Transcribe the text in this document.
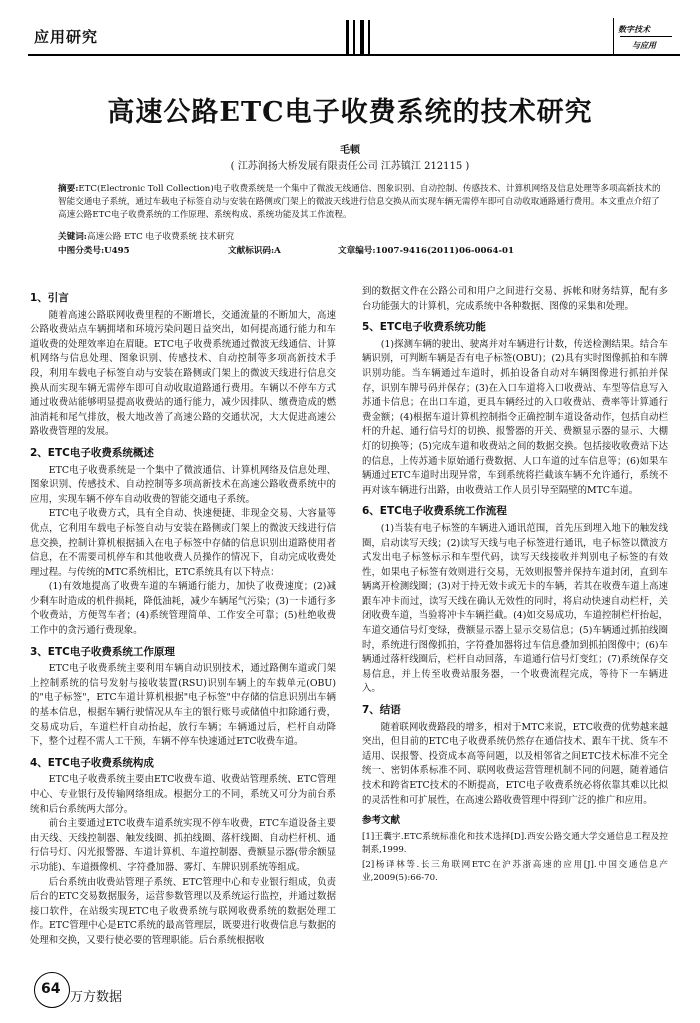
应用研究	数字技术
与应用
高速公路ETC电子收费系统的技术研究
毛顿
( 江苏润扬大桥发展有限责任公司 江苏镇江 212115 )
摘要:ETC(Electronic Toll Collection)电子收费系统是一个集中了微波无线通信、图象识别、自动控制、传感技术、计算机网络及信息处理等多项高新技术的智能交通电子系统，通过车载电子标签自动与安装在路侧或门架上的微波天线进行信息交换从而实现车辆无需停车即可自动收取通路通行费用。本文重点介绍了高速公路ETC电子收费系统的工作原理、系统构成、系统功能及其工作流程。
关键词:高速公路 ETC 电子收费系统 技术研究
中图分类号:U495	文献标识码:A	文章编号:1007-9416(2011)06-0064-01
1、引言

随着高速公路联网收费里程的不断增长，交通流量的不断加大，高速公路收费站点车辆拥堵和环境污染问题日益突出，如何提高通行能力和车道收费的处理效率迫在眉睫。ETC电子收费系统通过微波无线通信、计算机网络与信息处理、图象识别、传感技术、自动控制等多项高新技术手段，利用车载电子标签自动与安装在路侧或门架上的微波天线进行信息交换从而实现车辆无需停车即可自动收取道路通行费用。车辆以不停车方式通过收费站能够明显提高收费站的通行能力，减少因排队、缴费造成的燃油消耗和尾气排放，极大地改善了高速公路的交通状况，大大促进高速公路收费管理的发展。

2、ETC电子收费系统概述

ETC电子收费系统是一个集中了微波通信、计算机网络及信息处理、图象识别、传感技术、自动控制等多项高新技术在高速公路收费系统中的应用，实现车辆不停车自动收费的智能交通电子系统。

ETC电子收费方式，具有全自动、快速便捷、非现金交易、大容量等优点，它利用车载电子标签自动与安装在路侧或门架上的微波天线进行信息交换，控制计算机根据插入在电子标签中存储的信息识别出道路使用者信息，在不需要司机停车和其他收费人员操作的情况下，自动完成收费处理过程。与传统的MTC系统相比，ETC系统具有以下特点：

(1)有效地提高了收费车道的车辆通行能力，加快了收费速度；(2)减少剩车时造成的机件损耗，降低油耗，减少车辆尾气污染；(3)一卡通行多个收费站，方便驾车者；(4)系统管理简单、工作安全可靠；(5)杜绝收费工作中的贪污通行费现象。

3、ETC电子收费系统工作原理

ETC电子收费系统主要利用车辆自动识别技术，通过路侧车道或门架上控制系统的信号发射与接收装置(RSU)识别车辆上的车载单元(OBU)的"电子标签"，ETC车道计算机根据"电子标签"中存储的信息识别出车辆的基本信息，根据车辆行驶情况从车主的银行账号或储值中扣除通行费，交易成功后，车道栏杆自动抬起，放行车辆；车辆通过后，栏杆自动降下，整个过程不需人工干预，车辆不停车快速通过ETC收费车道。

4、ETC电子收费系统构成

ETC电子收费系统主要由ETC收费车道、收费站管理系统、ETC管理中心、专业银行及传输网络组成。根据分工的不同，系统又可分为前台系统和后台系统两大部分。

前台主要通过ETC收费车道系统实现不停车收费，ETC车道设备主要由天线、天线控制器、触发线圈、抓拍线圈、落杆线圈、自动栏杆机、通行信号灯、闪光报警器、车道计算机、车道控制器、费额显示器(带余额显示功能)、车道摄像机、字符叠加器、雾灯、车牌识别系统等组成。

后台系统由收费站管理子系统、ETC管理中心和专业银行组成，负责后台的ETC交易数据服务，运营参数管理以及系统运行监控，并通过数据接口软件，在站级实现ETC电子收费系统与联网收费系统的数据处理工作。ETC管理中心是ETC系统的最高管理层，既要进行收费信息与数据的处理和交换，又要行使必要的管理职能。后台系统根据收

到的数据文件在公路公司和用户之间进行交易、拆帐和财务结算，配有多台功能强大的计算机，完成系统中各种数据、图像的采集和处理。

5、ETC电子收费系统功能

(1)探测车辆的驶出、驶离并对车辆进行计数，传送检测结果。结合车辆识别，可判断车辆是否有电子标签(OBU)；(2)具有实时图像抓拍和车牌识别功能。当车辆通过车道时，抓拍设备自动对车辆图像进行抓拍并保存，识别车牌号码并保存；(3)在入口车道将入口收费站、车型等信息写入苏通卡信息；在出口车道，更具车辆经过的入口收费站、费率等计算通行费金额；(4)根据车道计算机控制指令正确控制车道设备动作，包括自动栏杆的升起、通行信号灯的切换、报警器的开关、费额显示器的显示、大棚灯的切换等；(5)完成车道和收费站之间的数据交换。包括接收收费站下达的信息，上传苏通卡原始通行费数据、人口车道的过车信息等；(6)如果车辆通过ETC车道时出现异常，车到系统将拦截该车辆不允许通行，系统不再对该车辆进行出路，由收费站工作人员引导至隔壁的MTC车道。

6、ETC电子收费系统工作流程

(1)当装有电子标签的车辆进入通讯范围，首先压到埋入地下的触发线圈，启动读写天线；(2)读写天线与电子标签进行通讯，电子标签以微波方式发出电子标签标示和车型代码，读写天线接收并判别电子标签的有效性，如果电子标签有效则进行交易，无效则报警并保持车道封闭，直到车辆离开检测线圈；(3)对于持无效卡或无卡的车辆，若其在收费车道上高速跟车冲卡而过，读写天线在确认无效性的同时，将启动快速自动栏杆，关闭收费车道，当验将冲卡车辆拦截。(4)如交易成功，车道控制栏杆抬起，车道交通信号灯变绿，费额显示器上显示交易信息；(5)车辆通过抓拍线圈时，系统进行图像抓拍，字符叠加器将过车信息叠加到抓拍图像中；(6)车辆通过落杆线圈后，栏杆自动回落，车道通行信号灯变红；(7)系统保存交易信息，并上传至收费站服务器，一个收费流程完成，等待下一车辆进入。

7、结语

随着联网收费路段的增多，相对于MTC来说，ETC收费的优势越来越突出，但目前的ETC电子收费系统仍然存在通信技术、跟车干扰、货车不适用、误报警、投资成本高等问题，以及相邻省之间ETC技术标准不完全统一、密钥体系标准不同、联网收费运营管理机制不同的问题，随着通信技术和跨省ETC技术的不断提高，ETC电子收费系统必将依靠其难以比拟的灵活性和可扩展性，在高速公路收费管理中得到广泛的推广和应用。

参考文献
[1]王囊宇.ETC系统标准化和技术选择[D].西安公路交通大学交通信息工程及控制系,1999.
[2]杨译林等.长三角联网ETC在沪苏浙高速的应用[J].中国交通信息产业,2009(5):66-70.
64
万方数据
